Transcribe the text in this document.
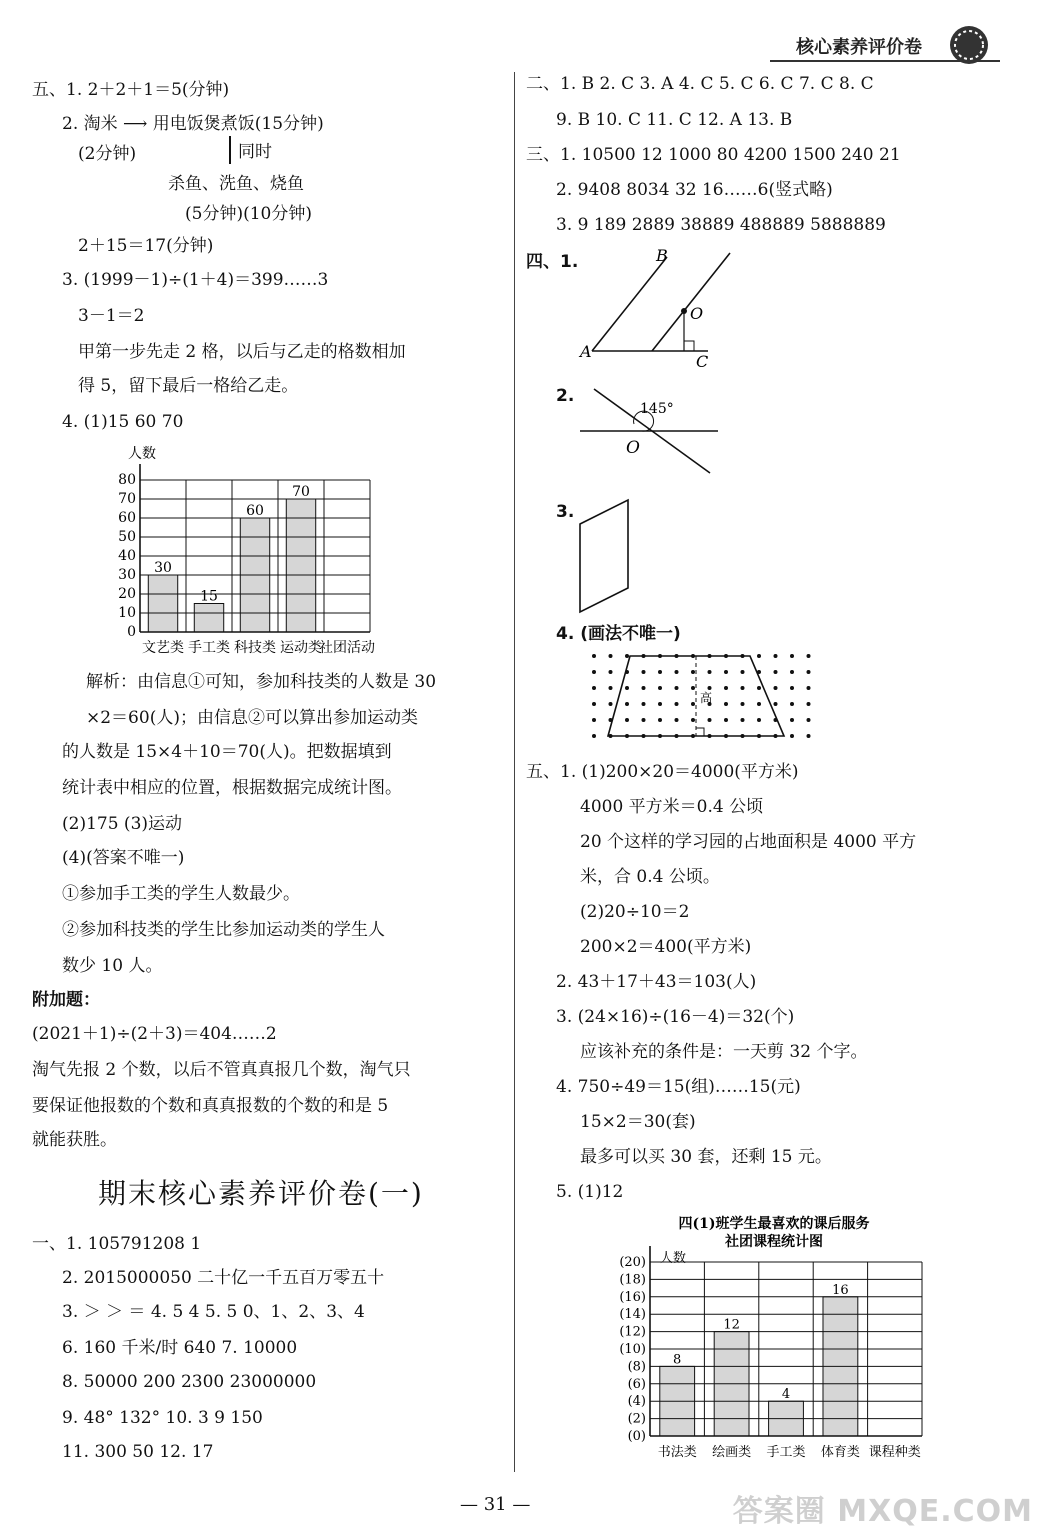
核心素养评价卷
五、1. 2＋2＋1＝5(分钟)
2. 淘米 ⟶ 用电饭煲煮饭(15分钟)
(2分钟)	同时
杀鱼、洗鱼、烧鱼
(5分钟)(10分钟)
2＋15＝17(分钟)
3. (1999－1)÷(1＋4)＝399……3
3－1＝2
甲第一步先走 2 格，以后与乙走的格数相加
得 5，留下最后一格给乙走。
4. (1)15 60 70
30
15
60
70
0
10
20
30
40
50
60
70
80
人数
文艺类 手工类 科技类 运动类
社团活动
解析：由信息①可知，参加科技类的人数是 30
×2＝60(人)；由信息②可以算出参加运动类
的人数是 15×4＋10＝70(人)。把数据填到
统计表中相应的位置，根据数据完成统计图。
(2)175 (3)运动
(4)(答案不唯一)
①参加手工类的学生人数最少。
②参加科技类的学生比参加运动类的学生人
数少 10 人。
附加题：
(2021＋1)÷(2＋3)＝404……2
淘气先报 2 个数，以后不管真真报几个数，淘气只
要保证他报数的个数和真真报数的个数的和是 5
就能获胜。
期末核心素养评价卷(一)
一、1. 105791208 1
2. 2015000050 二十亿一千五百万零五十
3. ＞ ＞ ＝ 4. 5 4 5. 5 0、1、2、3、4
6. 160 千米/时 640 7. 10000
8. 50000 200 2300 23000000
9. 48° 132° 10. 3 9 150
11. 300 50 12. 17
二、1. B 2. C 3. A 4. C 5. C 6. C 7. C 8. C
9. B 10. C 11. C 12. A 13. B
三、1. 10500 12 1000 80 4200 1500 240 21
2. 9408 8034 32 16……6(竖式略)
3. 9 189 2889 38889 488889 5888889
四、1.
A
B
O
C
2.
145°
O
3.
4. (画法不唯一)
高
五、1. (1)200×20＝4000(平方米)
4000 平方米＝0.4 公顷
20 个这样的学习园的占地面积是 4000 平方
米，合 0.4 公顷。
(2)20÷10＝2
200×2＝400(平方米)
2. 43＋17＋43＝103(人)
3. (24×16)÷(16－4)＝32(个)
应该补充的条件是：一天剪 32 个字。
4. 750÷49＝15(组)……15(元)
15×2＝30(套)
最多可以买 30 套，还剩 15 元。
5. (1)12
四(1)班学生最喜欢的课后服务
社团课程统计图
8
12
4
16
(0)
(2)
(4)
(6)
(8)
(10)
(12)
(14)
(16)
(18)
(20) 人数
书法类 绘画类 手工类 体育类 课程种类
— 31 —	答案圈 MXQE.COM
